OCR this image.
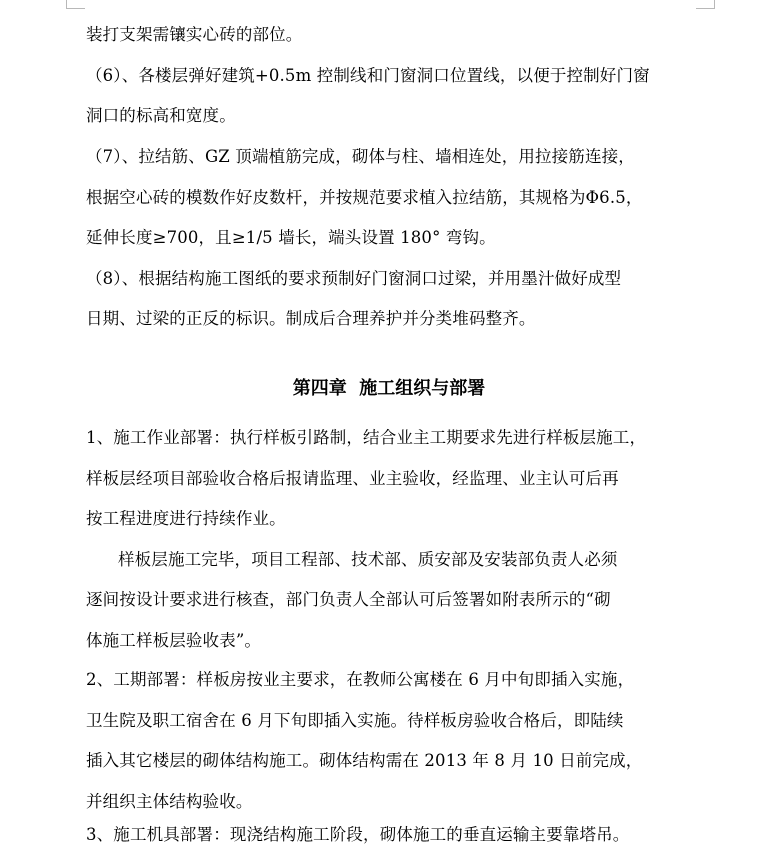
装打支架需镶实心砖的部位。
（6）、各楼层弹好建筑+0.5m 控制线和门窗洞口位置线，以便于控制好门窗
洞口的标高和宽度。
（7）、拉结筋、GZ 顶端植筋完成，砌体与柱、墙相连处，用拉接筋连接，
根据空心砖的模数作好皮数杆，并按规范要求植入拉结筋，其规格为Φ6.5，
延伸长度≥700，且≥1/5 墙长，端头设置 180° 弯钩。
（8）、根据结构施工图纸的要求预制好门窗洞口过梁，并用墨汁做好成型
日期、过梁的正反的标识。制成后合理养护并分类堆码整齐。
第四章  施工组织与部署
1、施工作业部署：执行样板引路制，结合业主工期要求先进行样板层施工，
样板层经项目部验收合格后报请监理、业主验收，经监理、业主认可后再
按工程进度进行持续作业。
样板层施工完毕，项目工程部、技术部、质安部及安装部负责人必须
逐间按设计要求进行核查，部门负责人全部认可后签署如附表所示的“砌
体施工样板层验收表”。
2、工期部署：样板房按业主要求，在教师公寓楼在 6 月中旬即插入实施，
卫生院及职工宿舍在 6 月下旬即插入实施。待样板房验收合格后，即陆续
插入其它楼层的砌体结构施工。砌体结构需在 2013 年 8 月 10 日前完成，
并组织主体结构验收。
3、施工机具部署：现浇结构施工阶段，砌体施工的垂直运输主要靠塔吊。
